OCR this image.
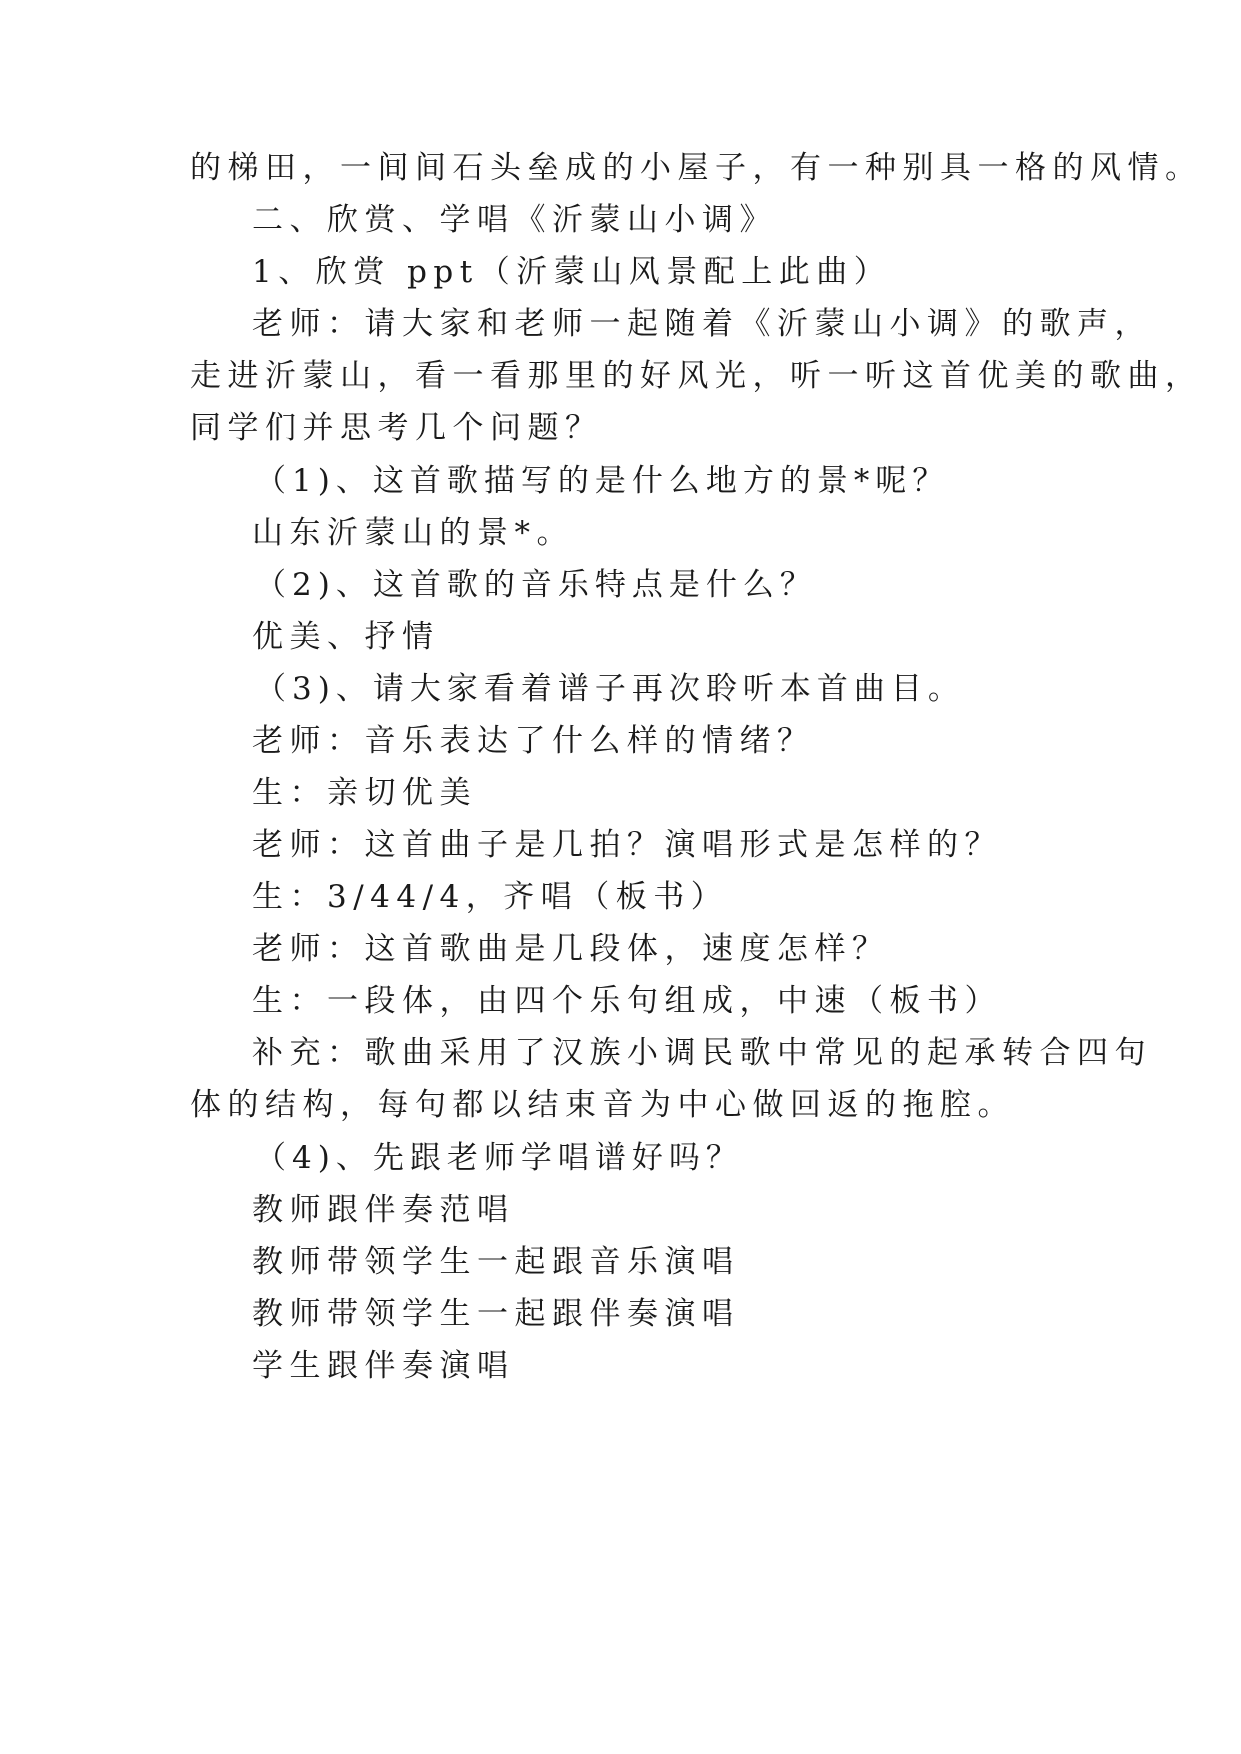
的梯田，一间间石头垒成的小屋子，有一种别具一格的风情。
二、欣赏、学唱《沂蒙山小调》
1、欣赏 ppt（沂蒙山风景配上此曲）
老师：请大家和老师一起随着《沂蒙山小调》的歌声，
走进沂蒙山，看一看那里的好风光，听一听这首优美的歌曲，
同学们并思考几个问题？
（1)、这首歌描写的是什么地方的景*呢？
山东沂蒙山的景*。
（2)、这首歌的音乐特点是什么？
优美、抒情
（3)、请大家看着谱子再次聆听本首曲目。
老师：音乐表达了什么样的情绪？
生：亲切优美
老师：这首曲子是几拍？演唱形式是怎样的？
生：3/44/4，齐唱（板书）
老师：这首歌曲是几段体，速度怎样？
生：一段体，由四个乐句组成，中速（板书）
补充：歌曲采用了汉族小调民歌中常见的起承转合四句
体的结构，每句都以结束音为中心做回返的拖腔。
（4)、先跟老师学唱谱好吗？
教师跟伴奏范唱
教师带领学生一起跟音乐演唱
教师带领学生一起跟伴奏演唱
学生跟伴奏演唱
